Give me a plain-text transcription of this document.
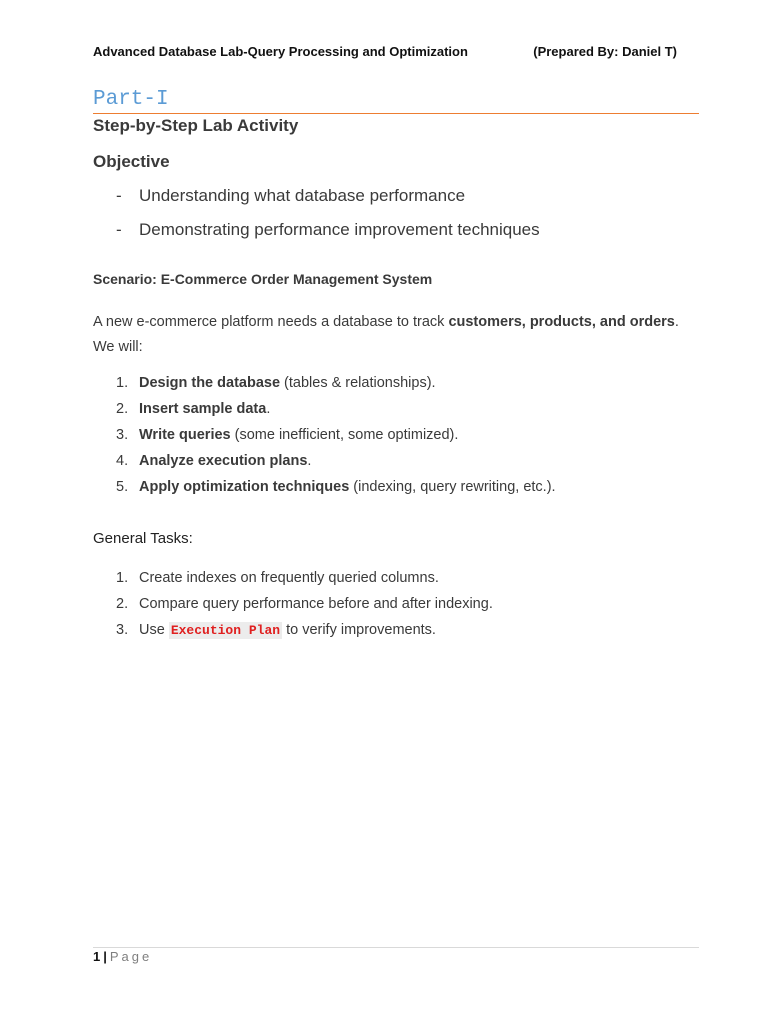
Advanced Database Lab-Query Processing and Optimization	(Prepared By: Daniel T)
Part-I
Step-by-Step Lab Activity
Objective
- Understanding what database performance
- Demonstrating performance improvement techniques
Scenario: E-Commerce Order Management System
A new e-commerce platform needs a database to track customers, products, and orders. We will:
1. Design the database (tables & relationships).
2. Insert sample data.
3. Write queries (some inefficient, some optimized).
4. Analyze execution plans.
5. Apply optimization techniques (indexing, query rewriting, etc.).
General Tasks:
1. Create indexes on frequently queried columns.
2. Compare query performance before and after indexing.
3. Use Execution Plan to verify improvements.
1 | Page
